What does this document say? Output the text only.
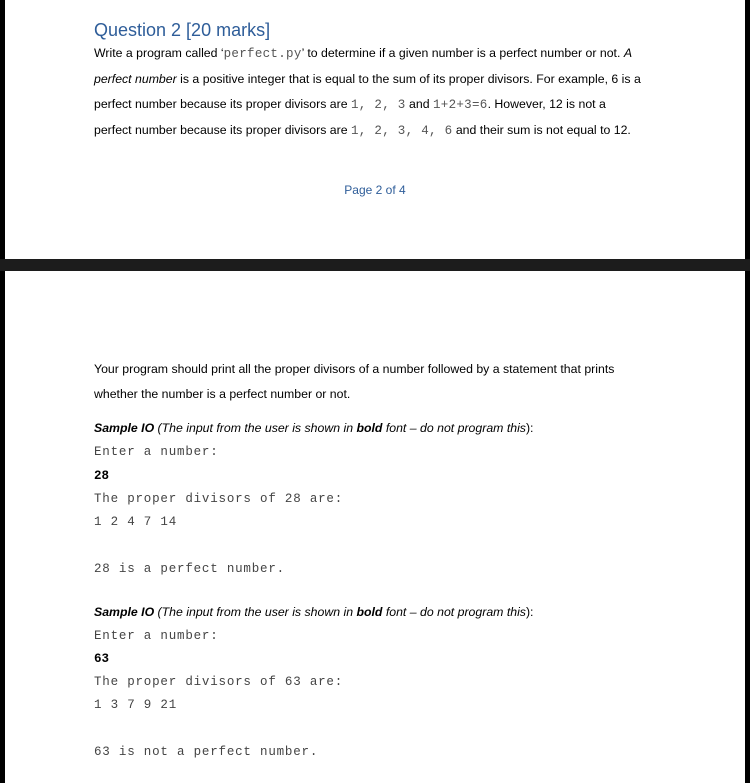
Question 2 [20 marks]
Write a program called ‘perfect.py’ to determine if a given number is a perfect number or not. A
perfect number is a positive integer that is equal to the sum of its proper divisors. For example, 6 is a
perfect number because its proper divisors are 1, 2, 3 and 1+2+3=6. However, 12 is not a
perfect number because its proper divisors are 1, 2, 3, 4, 6 and their sum is not equal to 12.
Page 2 of 4
Your program should print all the proper divisors of a number followed by a statement that prints
whether the number is a perfect number or not.
Sample IO (The input from the user is shown in bold font – do not program this):
Enter a number:
28
The proper divisors of 28 are:
1 2 4 7 14
28 is a perfect number.
Sample IO (The input from the user is shown in bold font – do not program this):
Enter a number:
63
The proper divisors of 63 are:
1 3 7 9 21
63 is not a perfect number.
